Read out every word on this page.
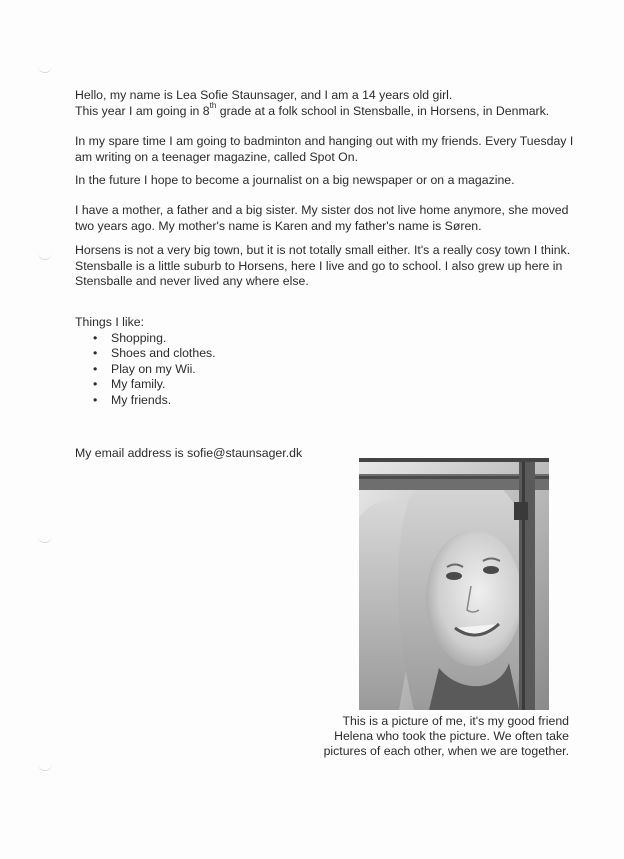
Hello, my name is Lea Sofie Staunsager, and I am a 14 years old girl.

This year I am going in 8th grade at a folk school in Stensballe, in Horsens, in Denmark.

In my spare time I am going to badminton and hanging out with my friends. Every Tuesday I am writing on a teenager magazine, called Spot On.

In the future I hope to become a journalist on a big newspaper or on a magazine.

I have a mother, a father and a big sister. My sister dos not live home anymore, she moved two years ago. My mother's name is Karen and my father's name is Søren.

Horsens is not a very big town, but it is not totally small either. It's a really cosy town I think.

Stensballe is a little suburb to Horsens, here I live and go to school. I also grew up here in Stensballe and never lived any where else.

Things I like:

• Shopping.
• Shoes and clothes.
• Play on my Wii.
• My family.
• My friends.
My email address is sofie@staunsager.dk

This is a picture of me, it's my good friend

Helena who took the picture. We often take

pictures of each other, when we are together.
